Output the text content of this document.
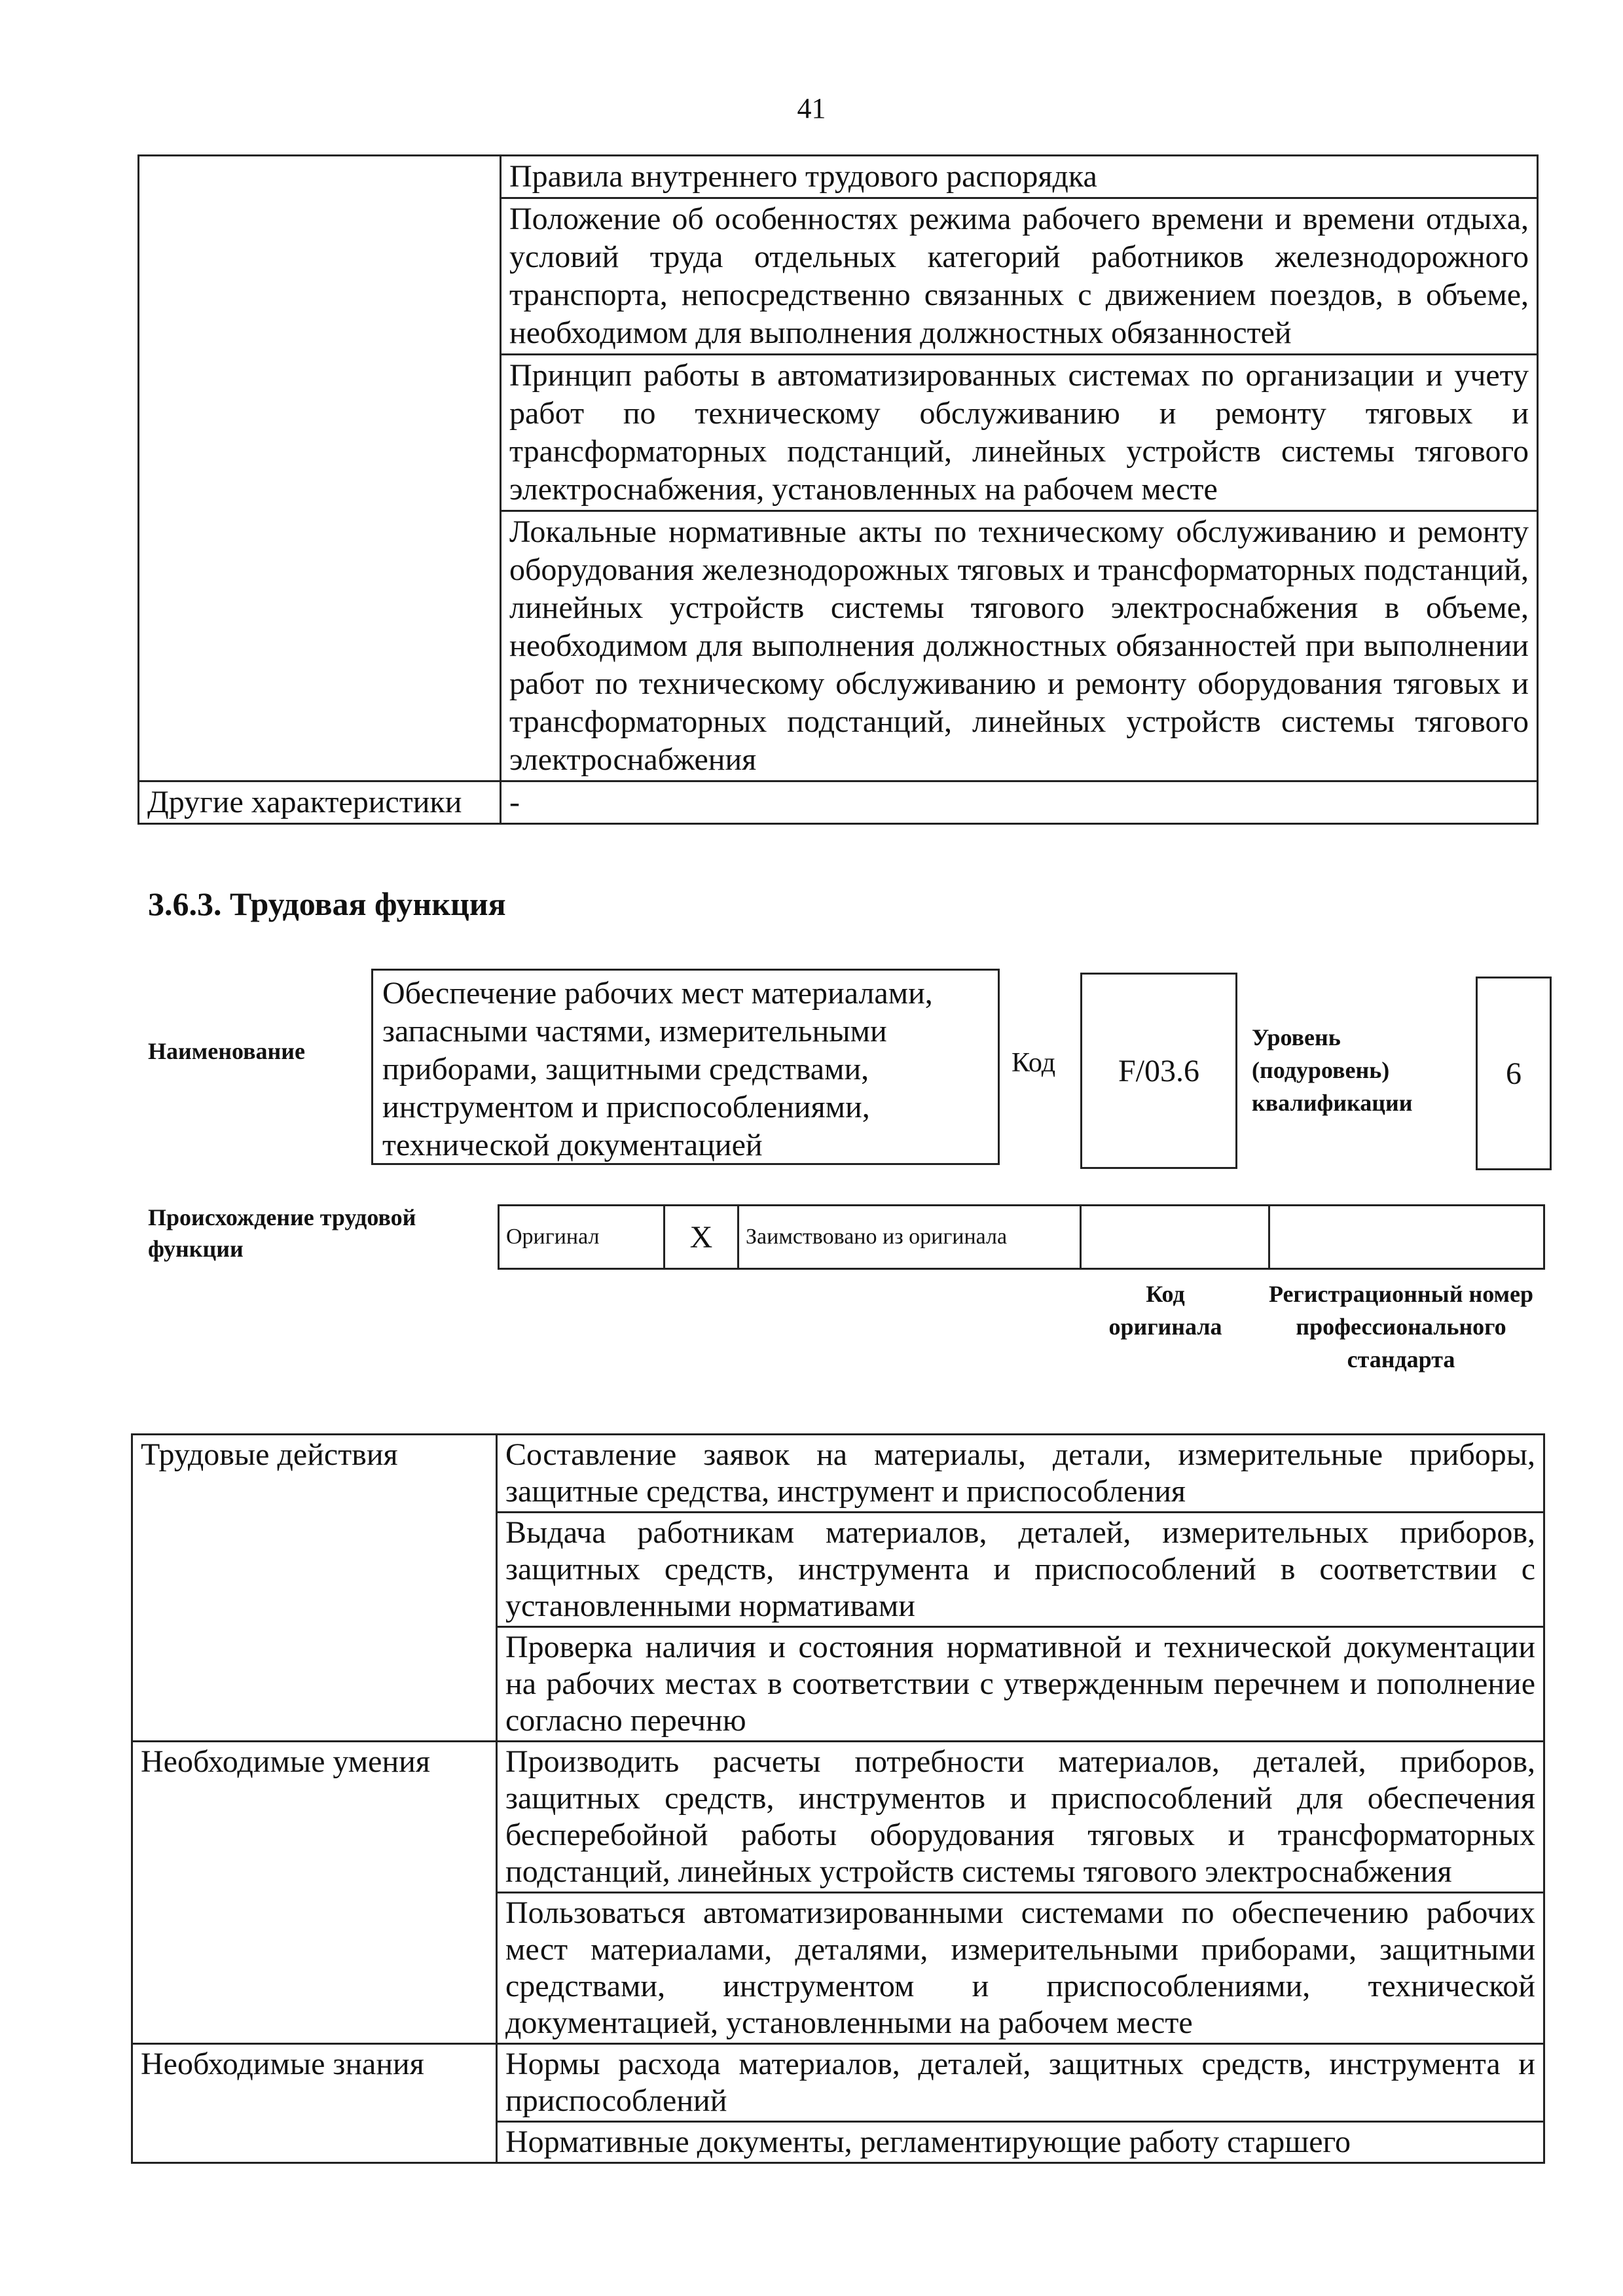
41
	Правила внутреннего трудового распорядка
	Положение об особенностях режима рабочего времени и времени отдыха, условий труда отдельных категорий работников железнодорожного транспорта, непосредственно связанных с движением поездов, в объеме, необходимом для выполнения должностных обязанностей
	Принцип работы в автоматизированных системах по организации и учету работ по техническому обслуживанию и ремонту тяговых и трансформаторных подстанций, линейных устройств системы тягового электроснабжения, установленных на рабочем месте
	Локальные нормативные акты по техническому обслуживанию и ремонту оборудования железнодорожных тяговых и трансформаторных подстанций, линейных устройств системы тягового электроснабжения в объеме, необходимом для выполнения должностных обязанностей при выполнении работ по техническому обслуживанию и ремонту оборудования тяговых и трансформаторных подстанций, линейных устройств системы тягового электроснабжения
Другие характеристики	-
3.6.3. Трудовая функция
Наименование
Обеспечение рабочих мест материалами, запасными частями, измерительными приборами, защитными средствами, инструментом и приспособлениями, технической документацией
Код	F/03.6
Уровень (подуровень) квалификации
6
Происхождение трудовой функции	Оригинал	X	Заимствовано из оригинала		
Код оригинала
Регистрационный номер профессионального стандарта
Трудовые действия	Составление заявок на материалы, детали, измерительные приборы, защитные средства, инструмент и приспособления
	Выдача работникам материалов, деталей, измерительных приборов, защитных средств, инструмента и приспособлений в соответствии с установленными нормативами
	Проверка наличия и состояния нормативной и технической документации на рабочих местах в соответствии с утвержденным перечнем и пополнение согласно перечню
Необходимые умения	Производить расчеты потребности материалов, деталей, приборов, защитных средств, инструментов и приспособлений для обеспечения бесперебойной работы оборудования тяговых и трансформаторных подстанций, линейных устройств системы тягового электроснабжения
	Пользоваться автоматизированными системами по обеспечению рабочих мест материалами, деталями, измерительными приборами, защитными средствами, инструментом и приспособлениями, технической документацией, установленными на рабочем месте
Необходимые знания	Нормы расхода материалов, деталей, защитных средств, инструмента и приспособлений
	Нормативные документы, регламентирующие работу старшего
